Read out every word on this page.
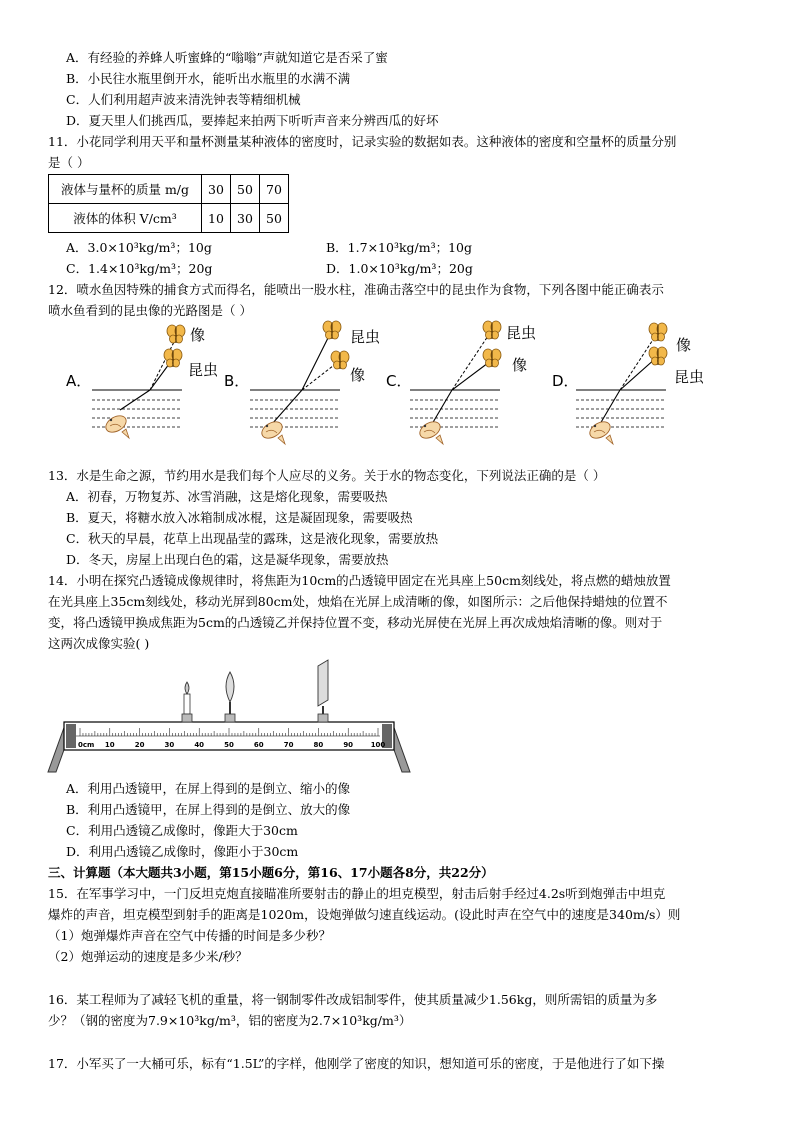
A．有经验的养蜂人听蜜蜂的“嗡嗡”声就知道它是否采了蜜
B．小民往水瓶里倒开水，能听出水瓶里的水满不满
C．人们利用超声波来清洗钟表等精细机械
D．夏天里人们挑西瓜，要捧起来拍两下听听声音来分辨西瓜的好坏
11．小花同学利用天平和量杯测量某种液体的密度时，记录实验的数据如表。这种液体的密度和空量杯的质量分别
是（ ）
液体与量杯的质量 m/g	30	50	70
液体的体积 V/cm³	10	30	50
A．3.0×10³kg/m³；10g	B．1.7×10³kg/m³；10g
C．1.4×10³kg/m³；20g	D．1.0×10³kg/m³；20g
12．喷水鱼因特殊的捕食方式而得名，能喷出一股水柱，准确击落空中的昆虫作为食物，下列各图中能正确表示
喷水鱼看到的昆虫像的光路图是（ ）
A．
像
昆虫
B．
昆虫
像 C．
昆虫
像
D．
像
昆虫
13．水是生命之源，节约用水是我们每个人应尽的义务。关于水的物态变化，下列说法正确的是（ ）
A．初春，万物复苏、冰雪消融，这是熔化现象，需要吸热
B．夏天，将糖水放入冰箱制成冰棍，这是凝固现象，需要吸热
C．秋天的早晨，花草上出现晶莹的露珠，这是液化现象，需要放热
D．冬天，房屋上出现白色的霜，这是凝华现象，需要放热
14．小明在探究凸透镜成像规律时，将焦距为10cm的凸透镜甲固定在光具座上50cm刻线处，将点燃的蜡烛放置
在光具座上35cm刻线处，移动光屏到80cm处，烛焰在光屏上成清晰的像，如图所示：之后他保持蜡烛的位置不
变，将凸透镜甲换成焦距为5cm的凸透镜乙并保持位置不变，移动光屏使在光屏上再次成烛焰清晰的像。则对于
这两次成像实验( )
0cm 10	20	30	40	50	60	70	80	90	100
A．利用凸透镜甲，在屏上得到的是倒立、缩小的像
B．利用凸透镜甲，在屏上得到的是倒立、放大的像
C．利用凸透镜乙成像时，像距大于30cm
D．利用凸透镜乙成像时，像距小于30cm
三、计算题（本大题共3小题，第15小题6分，第16、17小题各8分，共22分）
15．在军事学习中，一门反坦克炮直接瞄准所要射击的静止的坦克模型，射击后射手经过4.2s听到炮弹击中坦克
爆炸的声音，坦克模型到射手的距离是1020m，设炮弹做匀速直线运动。(设此时声在空气中的速度是340m/s）则
（1）炮弹爆炸声音在空气中传播的时间是多少秒？
（2）炮弹运动的速度是多少米/秒？
16．某工程师为了减轻飞机的重量，将一钢制零件改成铝制零件，使其质量减少1.56kg，则所需铝的质量为多
少？（钢的密度为7.9×10³kg/m³，铝的密度为2.7×10³kg/m³）
17．小军买了一大桶可乐，标有“1.5L”的字样，他刚学了密度的知识，想知道可乐的密度，于是他进行了如下操
